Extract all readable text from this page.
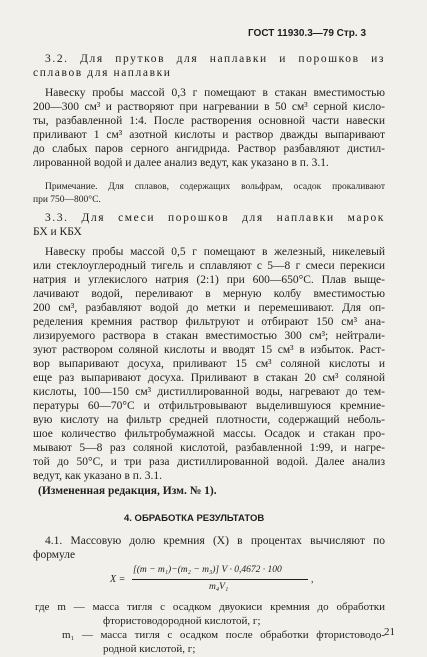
ГОСТ 11930.3—79 Стр. 3
3.2. Для прутков для наплавки и порошков из
сплавов для наплавки
Навеску пробы массой 0,3 г помещают в стакан вместимостью
200—300 см³ и растворяют при нагревании в 50 см³ серной кисло-
ты, разбавленной 1:4. После растворения основной части навески
приливают 1 см³ азотной кислоты и раствор дважды выпаривают
до слабых паров серного ангидрида. Раствор разбавляют дистил-
лированной водой и далее анализ ведут, как указано в п. 3.1.
Примечание. Для сплавов, содержащих вольфрам, осадок прокаливают
при 750—800°С.
3.3. Для смеси порошков для наплавки марок
БХ и КБХ
Навеску пробы массой 0,5 г помещают в железный, никелевый
или стеклоуглеродный тигель и сплавляют с 5—8 г смеси перекиси
натрия и углекислого натрия (2:1) при 600—650°С. Плав выще-
лачивают водой, переливают в мерную колбу вместимостью
200 см³, разбавляют водой до метки и перемешивают. Для оп-
ределения кремния раствор фильтруют и отбирают 150 см³ ана-
лизируемого раствора в стакан вместимостью 300 см³; нейтрали-
зуют раствором соляной кислоты и вводят 15 см³ в избыток. Раст-
вор выпаривают досуха, приливают 15 см³ соляной кислоты и
еще раз выпаривают досуха. Приливают в стакан 20 см³ соляной
кислоты, 100—150 см³ дистиллированной воды, нагревают до тем-
пературы 60—70°С и отфильтровывают выделившуюся кремние-
вую кислоту на фильтр средней плотности, содержащий неболь-
шое количество фильтробумажной массы. Осадок и стакан про-
мывают 5—8 раз соляной кислотой, разбавленной 1:99, и нагре-
той до 50°С, и три раза дистиллированной водой. Далее анализ
ведут, как указано в п. 3.1.
(Измененная редакция, Изм. № 1).
4. ОБРАБОТКА РЕЗУЛЬТАТОВ
4.1. Массовую долю кремния (X) в процентах вычисляют по
формуле
X =
[(m − m₁)−(m₂ − m₃)] V · 0,4672 · 100
m₄V₁
,
где m — масса тигля с осадком двуокиси кремния до обработки
фтористоводородной кислотой, г;
m₁ — масса тигля с осадком после обработки фтористоводо-
родной кислотой, г;
21
